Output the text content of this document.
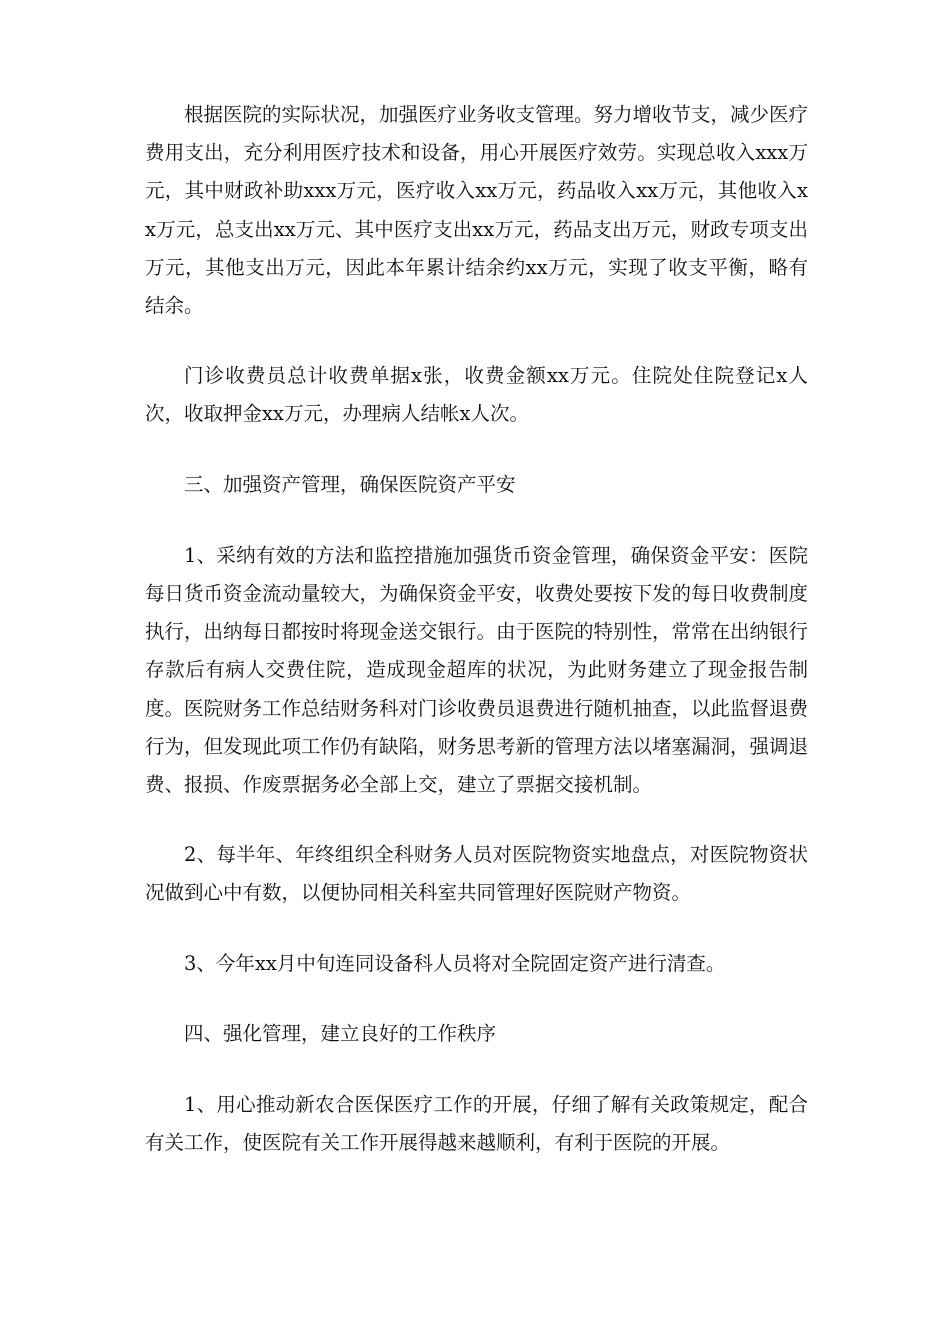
根据医院的实际状况，加强医疗业务收支管理。努力增收节支，减少医疗费用支出，充分利用医疗技术和设备，用心开展医疗效劳。实现总收入xxx万元，其中财政补助xxx万元，医疗收入xx万元，药品收入xx万元，其他收入xx万元，总支出xx万元、其中医疗支出xx万元，药品支出万元，财政专项支出万元，其他支出万元，因此本年累计结余约xx万元，实现了收支平衡，略有结余。

门诊收费员总计收费单据x张，收费金额xx万元。住院处住院登记x人次，收取押金xx万元，办理病人结帐x人次。

三、加强资产管理，确保医院资产平安

1、采纳有效的方法和监控措施加强货币资金管理，确保资金平安：医院每日货币资金流动量较大，为确保资金平安，收费处要按下发的每日收费制度执行，出纳每日都按时将现金送交银行。由于医院的特别性，常常在出纳银行存款后有病人交费住院，造成现金超库的状况，为此财务建立了现金报告制度。医院财务工作总结财务科对门诊收费员退费进行随机抽查，以此监督退费行为，但发现此项工作仍有缺陷，财务思考新的管理方法以堵塞漏洞，强调退费、报损、作废票据务必全部上交，建立了票据交接机制。

2、每半年、年终组织全科财务人员对医院物资实地盘点，对医院物资状况做到心中有数，以便协同相关科室共同管理好医院财产物资。

3、今年xx月中旬连同设备科人员将对全院固定资产进行清查。

四、强化管理，建立良好的工作秩序

1、用心推动新农合医保医疗工作的开展，仔细了解有关政策规定，配合有关工作，使医院有关工作开展得越来越顺利，有利于医院的开展。
